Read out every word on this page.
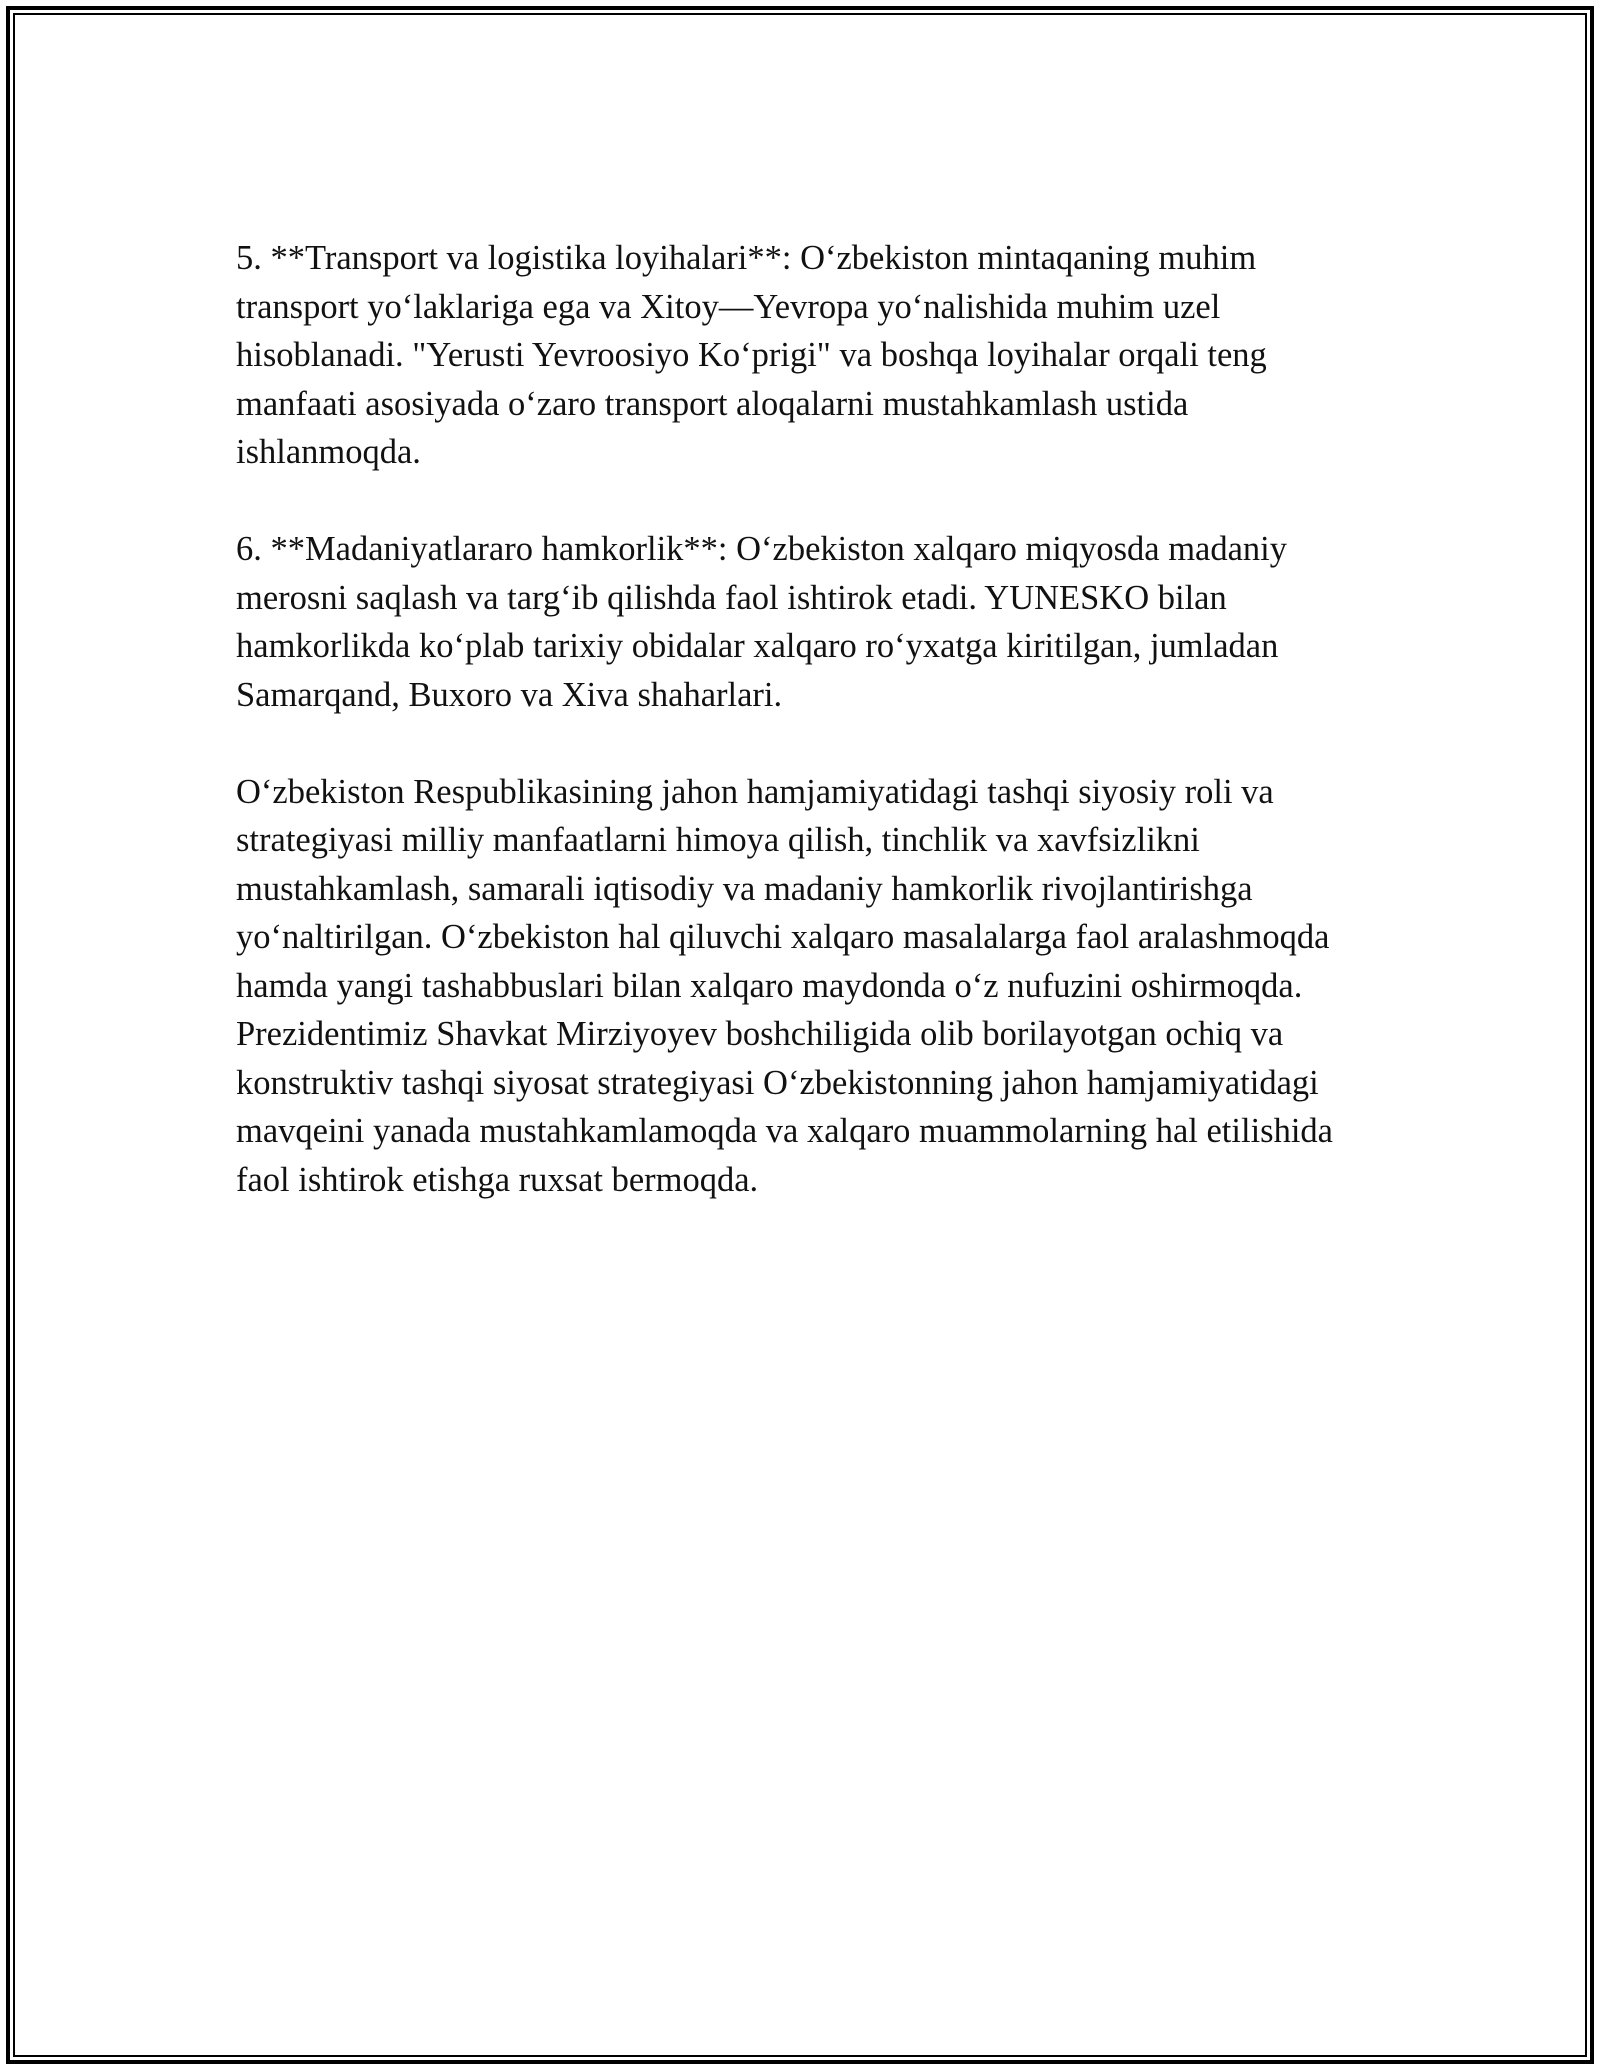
5. **Transport va logistika loyihalari**: O‘zbekiston mintaqaning muhim transport yo‘laklariga ega va Xitoy—Yevropa yo‘nalishida muhim uzel hisoblanadi. "Yerusti Yevroosiyo Ko‘prigi" va boshqa loyihalar orqali teng manfaati asosiyada o‘zaro transport aloqalarni mustahkamlash ustida ishlanmoqda.

6. **Madaniyatlararo hamkorlik**: O‘zbekiston xalqaro miqyosda madaniy merosni saqlash va targ‘ib qilishda faol ishtirok etadi. YUNESKO bilan hamkorlikda ko‘plab tarixiy obidalar xalqaro ro‘yxatga kiritilgan, jumladan Samarqand, Buxoro va Xiva shaharlari.

O‘zbekiston Respublikasining jahon hamjamiyatidagi tashqi siyosiy roli va strategiyasi milliy manfaatlarni himoya qilish, tinchlik va xavfsizlikni mustahkamlash, samarali iqtisodiy va madaniy hamkorlik rivojlantirishga yo‘naltirilgan. O‘zbekiston hal qiluvchi xalqaro masalalarga faol aralashmoqda hamda yangi tashabbuslari bilan xalqaro maydonda o‘z nufuzini oshirmoqda. Prezidentimiz Shavkat Mirziyoyev boshchiligida olib borilayotgan ochiq va konstruktiv tashqi siyosat strategiyasi O‘zbekistonning jahon hamjamiyatidagi mavqeini yanada mustahkamlamoqda va xalqaro muammolarning hal etilishida faol ishtirok etishga ruxsat bermoqda.
